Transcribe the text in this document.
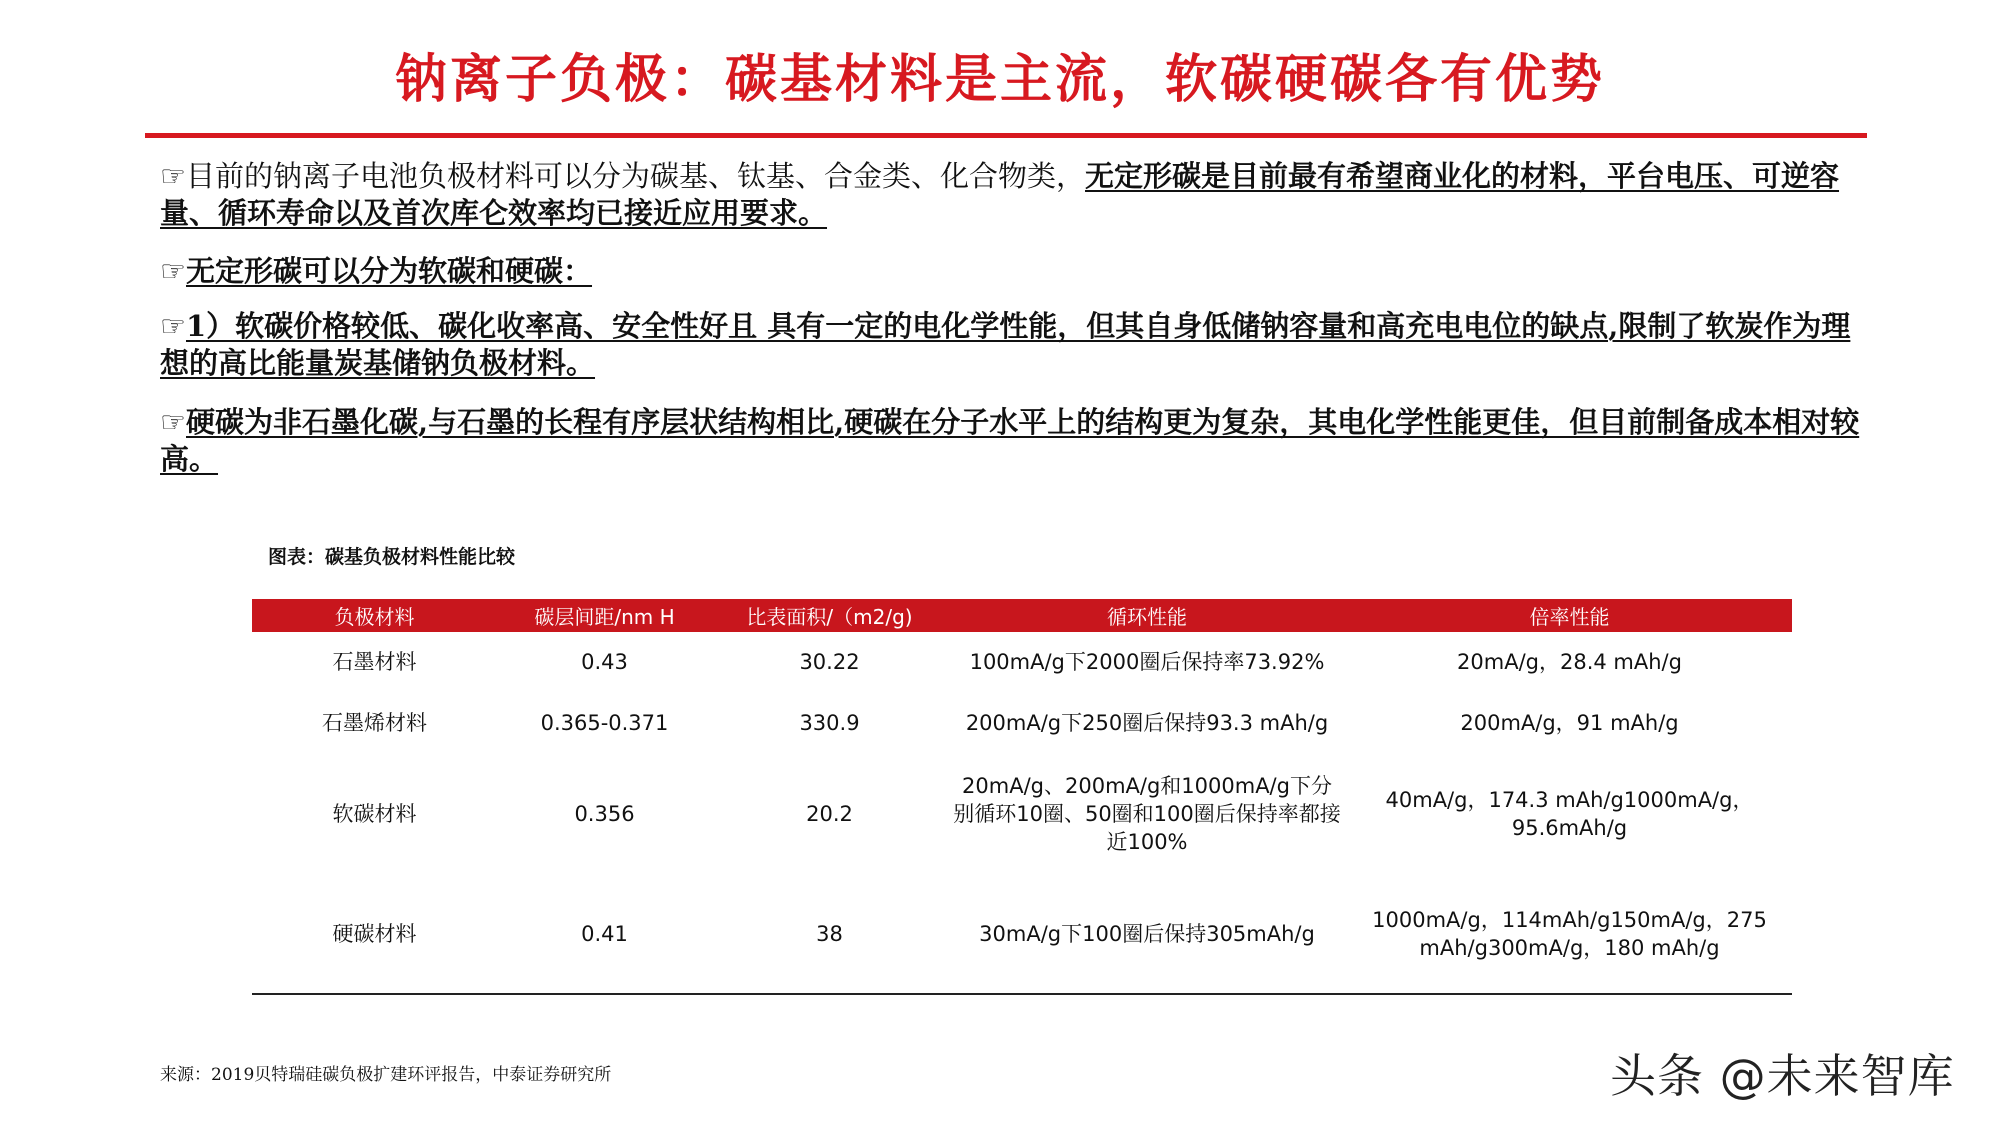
钠离子负极：碳基材料是主流，软碳硬碳各有优势
☞目前的钠离子电池负极材料可以分为碳基、钛基、合金类、化合物类，无定形碳是目前最有希望商业化的材料，平台电压、可逆容量、循环寿命以及首次库仑效率均已接近应用要求。
☞无定形碳可以分为软碳和硬碳：
☞1）软碳价格较低、碳化收率高、安全性好且 具有一定的电化学性能，但其自身低储钠容量和高充电电位的缺点,限制了软炭作为理想的高比能量炭基储钠负极材料。
☞硬碳为非石墨化碳,与石墨的长程有序层状结构相比,硬碳在分子水平上的结构更为复杂，其电化学性能更佳，但目前制备成本相对较高。
图表：碳基负极材料性能比较
负极材料	碳层间距/nm H	比表面积/（m2/g)	循环性能	倍率性能
石墨材料	0.43	30.22	100mA/g下2000圈后保持率73.92%	20mA/g，28.4 mAh/g
石墨烯材料	0.365-0.371	330.9	200mA/g下250圈后保持93.3 mAh/g	200mA/g，91 mAh/g
软碳材料	0.356	20.2	20mA/g、200mA/g和1000mA/g下分别循环10圈、50圈和100圈后保持率都接近100%	40mA/g，174.3 mAh/g1000mA/g，95.6mAh/g
硬碳材料	0.41	38	30mA/g下100圈后保持305mAh/g	1000mA/g，114mAh/g150mA/g，275 mAh/g300mA/g，180 mAh/g
来源：2019贝特瑞硅碳负极扩建环评报告，中泰证券研究所	头条 @未来智库
